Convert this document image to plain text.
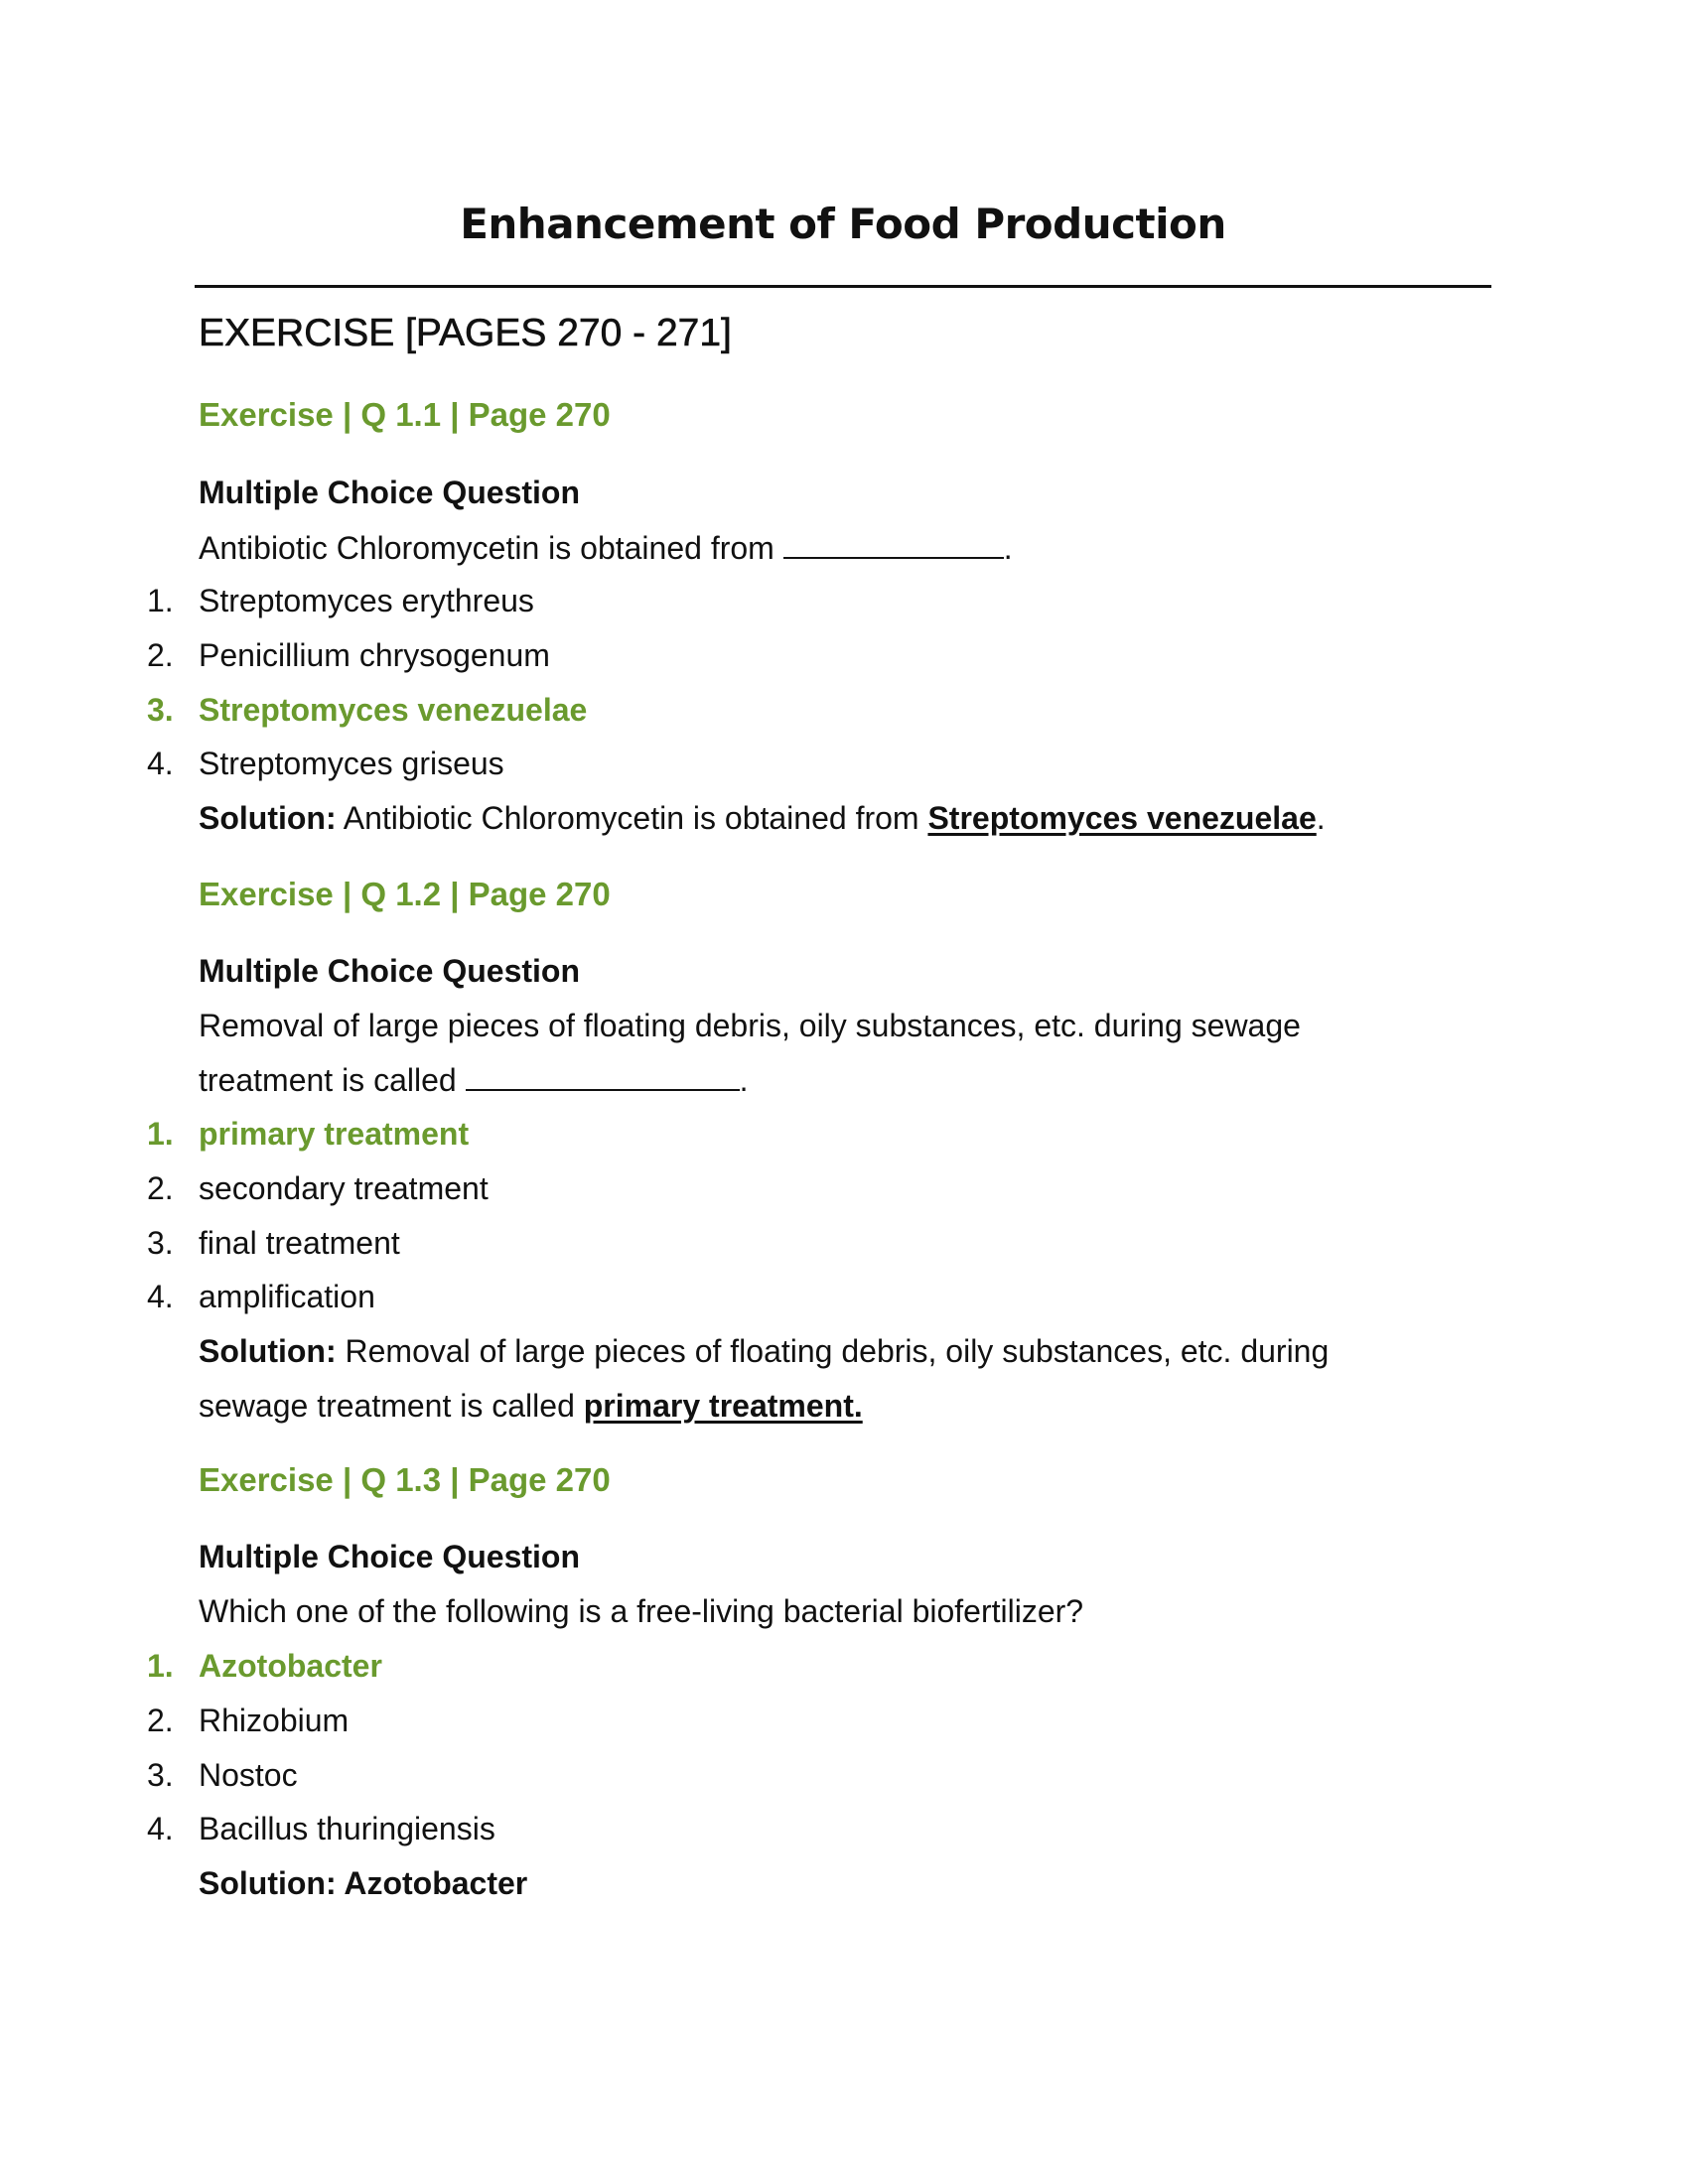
Enhancement of Food Production
EXERCISE [PAGES 270 - 271]
Exercise | Q 1.1 | Page 270
Multiple Choice Question
Antibiotic Chloromycetin is obtained from	.
1. Streptomyces erythreus
2. Penicillium chrysogenum
3. Streptomyces venezuelae
4. Streptomyces griseus
Solution: Antibiotic Chloromycetin is obtained from Streptomyces venezuelae.
Exercise | Q 1.2 | Page 270
Multiple Choice Question
Removal of large pieces of floating debris, oily substances, etc. during sewage treatment is called	.
1. primary treatment
2. secondary treatment
3. final treatment
4. amplification
Solution: Removal of large pieces of floating debris, oily substances, etc. during sewage treatment is called primary treatment.
Exercise | Q 1.3 | Page 270
Multiple Choice Question
Which one of the following is a free-living bacterial biofertilizer?
1. Azotobacter
2. Rhizobium
3. Nostoc
4. Bacillus thuringiensis
Solution: Azotobacter
